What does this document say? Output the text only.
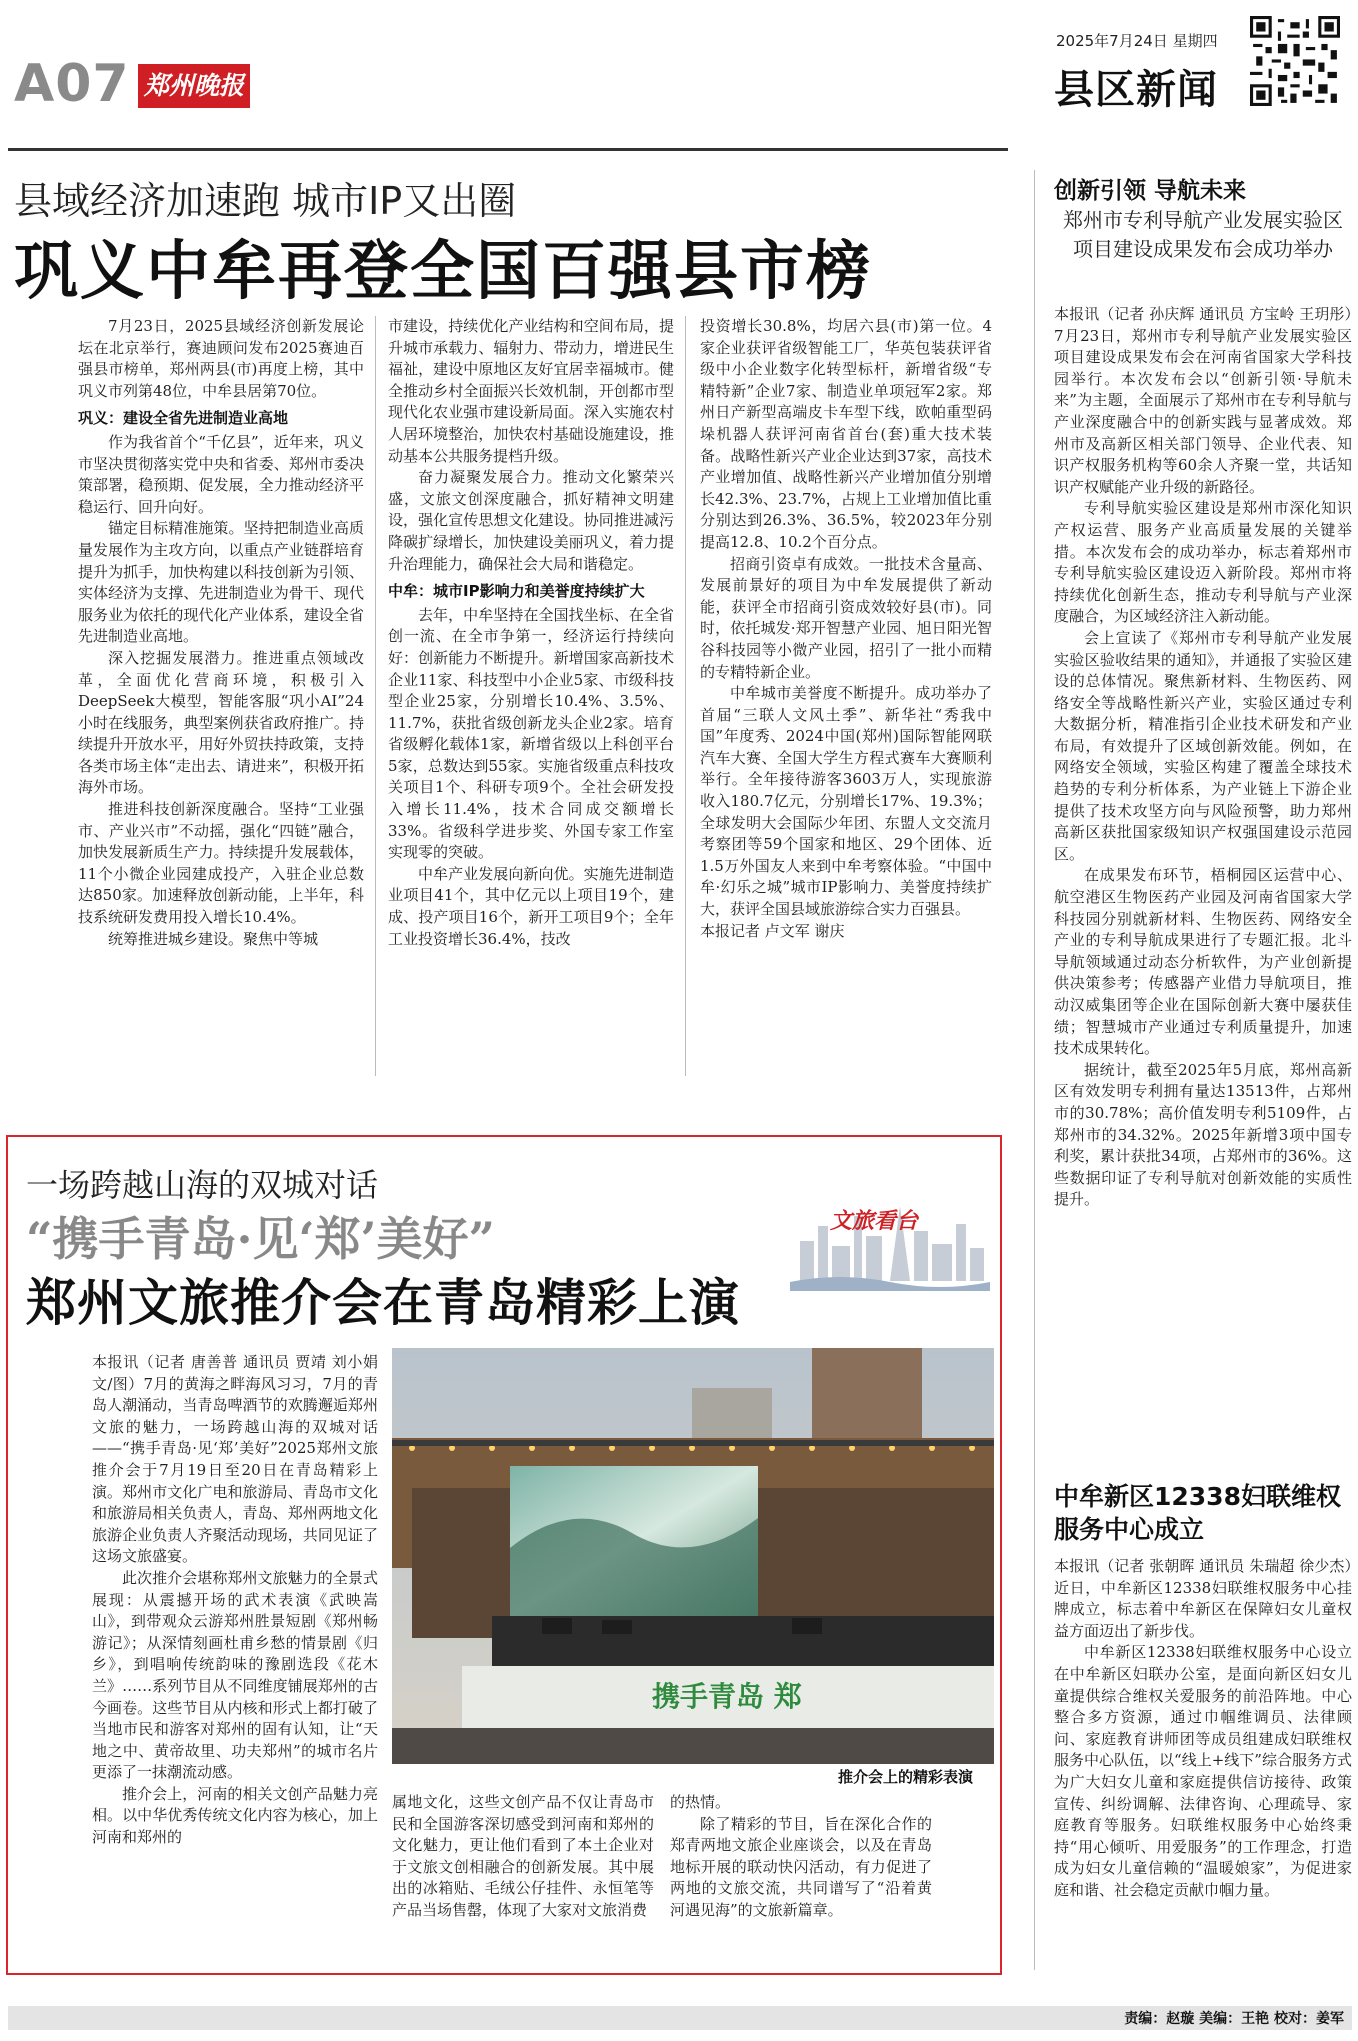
A07 郑州晚报
2025年7月24日 星期四
县区新闻
县域经济加速跑 城市IP又出圈
巩义中牟再登全国百强县市榜

7月23日，2025县域经济创新发展论坛在北京举行，赛迪顾问发布2025赛迪百强县市榜单，郑州两县(市)再度上榜，其中巩义市列第48位，中牟县居第70位。

巩义：建设全省先进制造业高地

作为我省首个“千亿县”，近年来，巩义市坚决贯彻落实党中央和省委、郑州市委决策部署，稳预期、促发展，全力推动经济平稳运行、回升向好。

锚定目标精准施策。坚持把制造业高质量发展作为主攻方向，以重点产业链群培育提升为抓手，加快构建以科技创新为引领、实体经济为支撑、先进制造业为骨干、现代服务业为依托的现代化产业体系，建设全省先进制造业高地。

深入挖掘发展潜力。推进重点领域改革，全面优化营商环境，积极引入DeepSeek大模型，智能客服“巩小AI”24小时在线服务，典型案例获省政府推广。持续提升开放水平，用好外贸扶持政策，支持各类市场主体“走出去、请进来”，积极开拓海外市场。

推进科技创新深度融合。坚持“工业强市、产业兴市”不动摇，强化“四链”融合，加快发展新质生产力。持续提升发展载体，11个小微企业园建成投产，入驻企业总数达850家。加速释放创新动能，上半年，科技系统研发费用投入增长10.4%。

统筹推进城乡建设。聚焦中等城

市建设，持续优化产业结构和空间布局，提升城市承载力、辐射力、带动力，增进民生福祉，建设中原地区友好宜居幸福城市。健全推动乡村全面振兴长效机制，开创都市型现代化农业强市建设新局面。深入实施农村人居环境整治，加快农村基础设施建设，推动基本公共服务提档升级。

奋力凝聚发展合力。推动文化繁荣兴盛，文旅文创深度融合，抓好精神文明建设，强化宣传思想文化建设。协同推进减污降碳扩绿增长，加快建设美丽巩义，着力提升治理能力，确保社会大局和谐稳定。

中牟：城市IP影响力和美誉度持续扩大

去年，中牟坚持在全国找坐标、在全省创一流、在全市争第一，经济运行持续向好：创新能力不断提升。新增国家高新技术企业11家、科技型中小企业5家、市级科技型企业25家，分别增长10.4%、3.5%、11.7%，获批省级创新龙头企业2家。培育省级孵化载体1家，新增省级以上科创平台5家，总数达到55家。实施省级重点科技攻关项目1个、科研专项9个。全社会研发投入增长11.4%，技术合同成交额增长33%。省级科学进步奖、外国专家工作室实现零的突破。

中牟产业发展向新向优。实施先进制造业项目41个，其中亿元以上项目19个，建成、投产项目16个，新开工项目9个；全年工业投资增长36.4%，技改

投资增长30.8%，均居六县(市)第一位。4家企业获评省级智能工厂，华英包装获评省级中小企业数字化转型标杆，新增省级“专精特新”企业7家、制造业单项冠军2家。郑州日产新型高端皮卡车型下线，欧帕重型码垛机器人获评河南省首台(套)重大技术装备。战略性新兴产业企业达到37家，高技术产业增加值、战略性新兴产业增加值分别增长42.3%、23.7%，占规上工业增加值比重分别达到26.3%、36.5%，较2023年分别提高12.8、10.2个百分点。

招商引资卓有成效。一批技术含量高、发展前景好的项目为中牟发展提供了新动能，获评全市招商引资成效较好县(市)。同时，依托城发·郑开智慧产业园、旭日阳光智谷科技园等小微产业园，招引了一批小而精的专精特新企业。

中牟城市美誉度不断提升。成功举办了首届“三联人文风土季”、新华社“秀我中国”年度秀、2024中国(郑州)国际智能网联汽车大赛、全国大学生方程式赛车大赛顺利举行。全年接待游客3603万人，实现旅游收入180.7亿元，分别增长17%、19.3%；全球发明大会国际少年团、东盟人文交流月考察团等59个国家和地区、29个团体、近1.5万外国友人来到中牟考察体验。“中国中牟·幻乐之城”城市IP影响力、美誉度持续扩大，获评全国县域旅游综合实力百强县。

本报记者 卢文军 谢庆

一场跨越山海的双城对话
“携手青岛·见‘郑’美好”
郑州文旅推介会在青岛精彩上演
文旅看台

本报讯（记者 唐善普 通讯员 贾靖 刘小娟 文/图）7月的黄海之畔海风习习，7月的青岛人潮涌动，当青岛啤酒节的欢腾邂逅郑州文旅的魅力，一场跨越山海的双城对话——“携手青岛·见‘郑’美好”2025郑州文旅推介会于7月19日至20日在青岛精彩上演。郑州市文化广电和旅游局、青岛市文化和旅游局相关负责人，青岛、郑州两地文化旅游企业负责人齐聚活动现场，共同见证了这场文旅盛宴。

此次推介会堪称郑州文旅魅力的全景式展现：从震撼开场的武术表演《武映嵩山》，到带观众云游郑州胜景短剧《郑州畅游记》；从深情刻画杜甫乡愁的情景剧《归乡》，到唱响传统韵味的豫剧选段《花木兰》……系列节目从不同维度铺展郑州的古今画卷。这些节目从内核和形式上都打破了当地市民和游客对郑州的固有认知，让“天地之中、黄帝故里、功夫郑州”的城市名片更添了一抹潮流动感。

推介会上，河南的相关文创产品魅力亮相。以中华优秀传统文化内容为核心，加上河南和郑州的

携手青岛 郑
推介会上的精彩表演

属地文化，这些文创产品不仅让青岛市民和全国游客深切感受到河南和郑州的文化魅力，更让他们看到了本土企业对于文旅文创相融合的创新发展。其中展出的冰箱贴、毛绒公仔挂件、永恒笔等产品当场售罄，体现了大家对文旅消费

的热情。

除了精彩的节目，旨在深化合作的郑青两地文旅企业座谈会，以及在青岛地标开展的联动快闪活动，有力促进了两地的文旅交流，共同谱写了“沿着黄河遇见海”的文旅新篇章。

创新引领 导航未来
郑州市专利导航产业发展实验区项目建设成果发布会成功举办

本报讯（记者 孙庆辉 通讯员 方宝岭 王玥彤）7月23日，郑州市专利导航产业发展实验区项目建设成果发布会在河南省国家大学科技园举行。本次发布会以“创新引领·导航未来”为主题，全面展示了郑州市在专利导航与产业深度融合中的创新实践与显著成效。郑州市及高新区相关部门领导、企业代表、知识产权服务机构等60余人齐聚一堂，共话知识产权赋能产业升级的新路径。

专利导航实验区建设是郑州市深化知识产权运营、服务产业高质量发展的关键举措。本次发布会的成功举办，标志着郑州市专利导航实验区建设迈入新阶段。郑州市将持续优化创新生态，推动专利导航与产业深度融合，为区域经济注入新动能。

会上宣读了《郑州市专利导航产业发展实验区验收结果的通知》，并通报了实验区建设的总体情况。聚焦新材料、生物医药、网络安全等战略性新兴产业，实验区通过专利大数据分析，精准指引企业技术研发和产业布局，有效提升了区域创新效能。例如，在网络安全领域，实验区构建了覆盖全球技术趋势的专利分析体系，为产业链上下游企业提供了技术攻坚方向与风险预警，助力郑州高新区获批国家级知识产权强国建设示范园区。

在成果发布环节，梧桐园区运营中心、航空港区生物医药产业园及河南省国家大学科技园分别就新材料、生物医药、网络安全产业的专利导航成果进行了专题汇报。北斗导航领域通过动态分析软件，为产业创新提供决策参考；传感器产业借力导航项目，推动汉威集团等企业在国际创新大赛中屡获佳绩；智慧城市产业通过专利质量提升，加速技术成果转化。

据统计，截至2025年5月底，郑州高新区有效发明专利拥有量达13513件，占郑州市的30.78%；高价值发明专利5109件，占郑州市的34.32%。2025年新增3项中国专利奖，累计获批34项，占郑州市的36%。这些数据印证了专利导航对创新效能的实质性提升。

中牟新区12338妇联维权服务中心成立

本报讯（记者 张朝晖 通讯员 朱瑞超 徐少杰）近日，中牟新区12338妇联维权服务中心挂牌成立，标志着中牟新区在保障妇女儿童权益方面迈出了新步伐。

中牟新区12338妇联维权服务中心设立在中牟新区妇联办公室，是面向新区妇女儿童提供综合维权关爱服务的前沿阵地。中心整合多方资源，通过巾帼维调员、法律顾问、家庭教育讲师团等成员组建成妇联维权服务中心队伍，以“线上+线下”综合服务方式为广大妇女儿童和家庭提供信访接待、政策宣传、纠纷调解、法律咨询、心理疏导、家庭教育等服务。妇联维权服务中心始终秉持“用心倾听、用爱服务”的工作理念，打造成为妇女儿童信赖的“温暖娘家”，为促进家庭和谐、社会稳定贡献巾帼力量。

责编：赵璇 美编：王艳 校对：姜军
